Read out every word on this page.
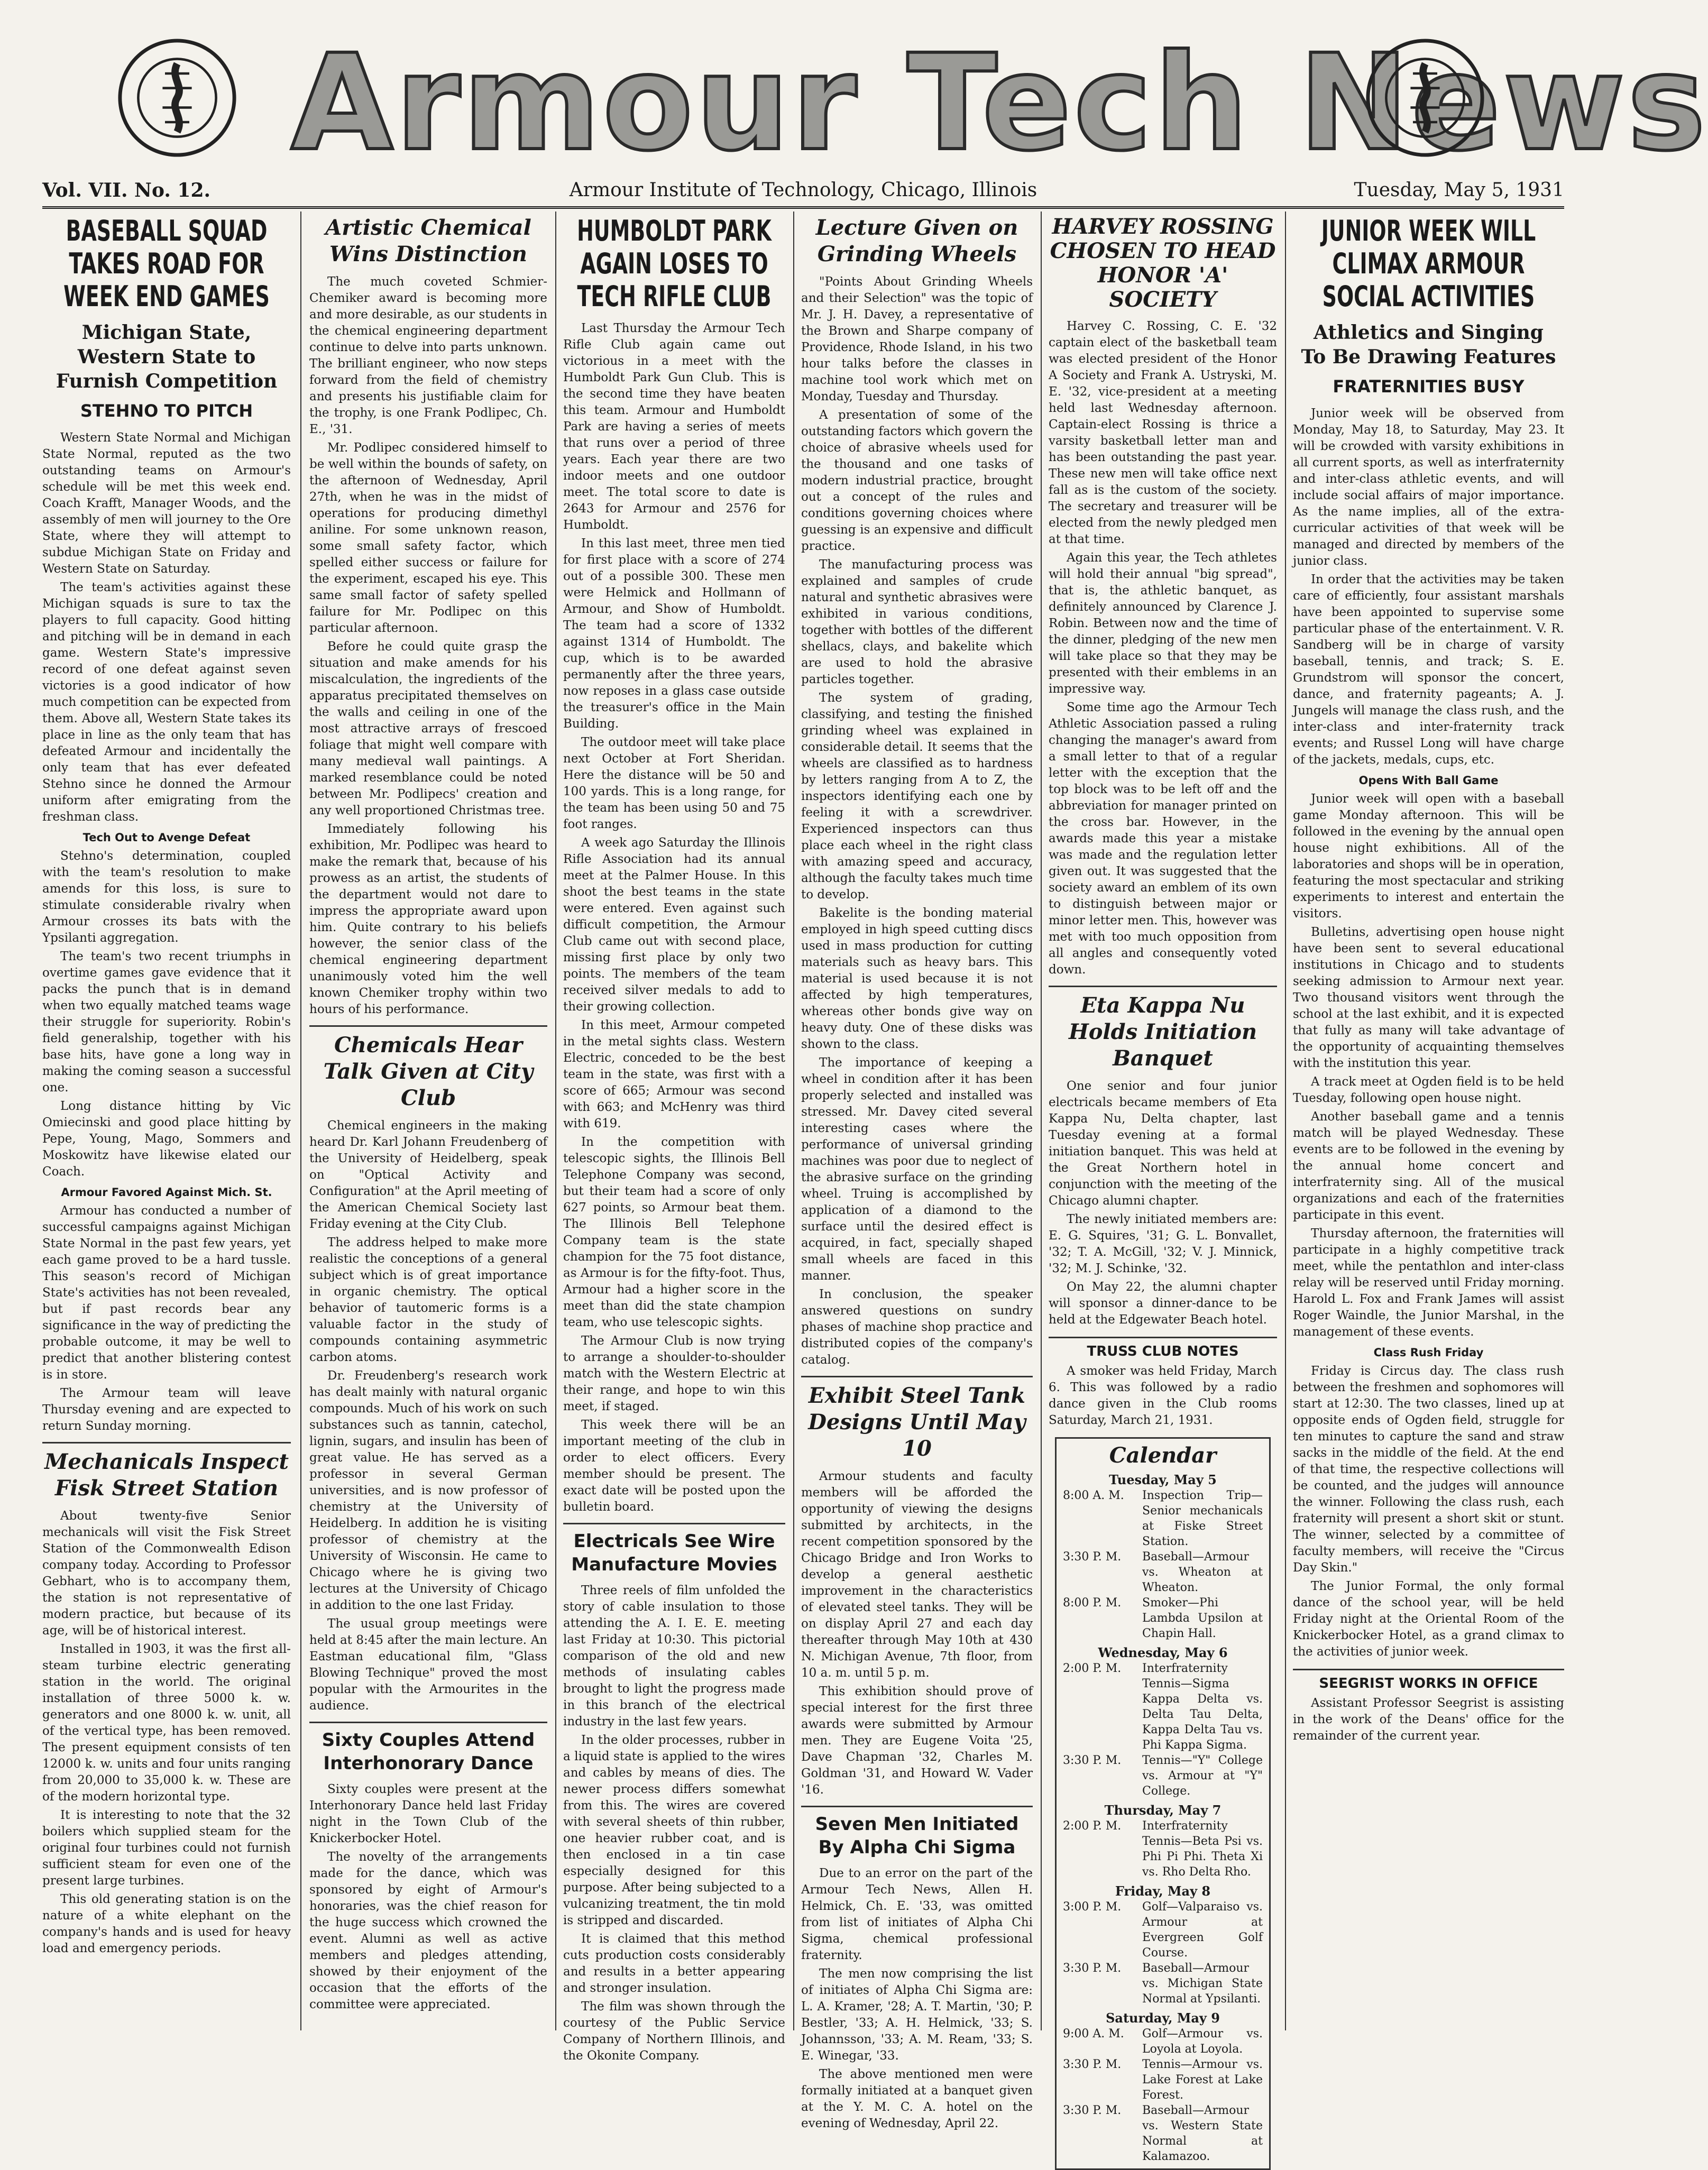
Armour Tech News
Armour Institute of Technology, Chicago, Illinois
Vol. VII. No. 12.	Tuesday, May 5, 1931
BASEBALL SQUAD TAKES ROAD FOR WEEK END GAMES
Michigan State, Western State to Furnish Competition
STEHNO TO PITCH

Western State Normal and Michigan State Normal, reputed as the two outstanding teams on Armour's schedule will be met this week end. Coach Krafft, Manager Woods, and the assembly of men will journey to the Ore State, where they will attempt to subdue Michigan State on Friday and Western State on Saturday.

The team's activities against these Michigan squads is sure to tax the players to full capacity. Good hitting and pitching will be in demand in each game. Western State's impressive record of one defeat against seven victories is a good indicator of how much competition can be expected from them. Above all, Western State takes its place in line as the only team that has defeated Armour and incidentally the only team that has ever defeated Stehno since he donned the Armour uniform after emigrating from the freshman class.

Tech Out to Avenge Defeat

Stehno's determination, coupled with the team's resolution to make amends for this loss, is sure to stimulate considerable rivalry when Armour crosses its bats with the Ypsilanti aggregation.

The team's two recent triumphs in overtime games gave evidence that it packs the punch that is in demand when two equally matched teams wage their struggle for superiority. Robin's field generalship, together with his base hits, have gone a long way in making the coming season a successful one.

Long distance hitting by Vic Omiecinski and good place hitting by Pepe, Young, Mago, Sommers and Moskowitz have likewise elated our Coach.

Armour Favored Against Mich. St.

Armour has conducted a number of successful campaigns against Michigan State Normal in the past few years, yet each game proved to be a hard tussle. This season's record of Michigan State's activities has not been revealed, but if past records bear any significance in the way of predicting the probable outcome, it may be well to predict that another blistering contest is in store.

The Armour team will leave Thursday evening and are expected to return Sunday morning.

Mechanicals Inspect Fisk Street Station

About twenty-five Senior mechanicals will visit the Fisk Street Station of the Commonwealth Edison company today. According to Professor Gebhart, who is to accompany them, the station is not representative of modern practice, but because of its age, will be of historical interest.

Installed in 1903, it was the first all-steam turbine electric generating station in the world. The original installation of three 5000 k. w. generators and one 8000 k. w. unit, all of the vertical type, has been removed. The present equipment consists of ten 12000 k. w. units and four units ranging from 20,000 to 35,000 k. w. These are of the modern horizontal type.

It is interesting to note that the 32 boilers which supplied steam for the original four turbines could not furnish sufficient steam for even one of the present large turbines.

This old generating station is on the nature of a white elephant on the company's hands and is used for heavy load and emergency periods.

Artistic Chemical Wins Distinction

The much coveted Schmier-Chemiker award is becoming more and more desirable, as our students in the chemical engineering department continue to delve into parts unknown. The brilliant engineer, who now steps forward from the field of chemistry and presents his justifiable claim for the trophy, is one Frank Podlipec, Ch. E., '31.

Mr. Podlipec considered himself to be well within the bounds of safety, on the afternoon of Wednesday, April 27th, when he was in the midst of operations for producing dimethyl aniline. For some unknown reason, some small safety factor, which spelled either success or failure for the experiment, escaped his eye. This same small factor of safety spelled failure for Mr. Podlipec on this particular afternoon.

Before he could quite grasp the situation and make amends for his miscalculation, the ingredients of the apparatus precipitated themselves on the walls and ceiling in one of the most attractive arrays of frescoed foliage that might well compare with many medieval wall paintings. A marked resemblance could be noted between Mr. Podlipecs' creation and any well proportioned Christmas tree.

Immediately following his exhibition, Mr. Podlipec was heard to make the remark that, because of his prowess as an artist, the students of the department would not dare to impress the appropriate award upon him. Quite contrary to his beliefs however, the senior class of the chemical engineering department unanimously voted him the well known Chemiker trophy within two hours of his performance.

Chemicals Hear Talk Given at City Club

Chemical engineers in the making heard Dr. Karl Johann Freudenberg of the University of Heidelberg, speak on "Optical Activity and Configuration" at the April meeting of the American Chemical Society last Friday evening at the City Club.

The address helped to make more realistic the conceptions of a general subject which is of great importance in organic chemistry. The optical behavior of tautomeric forms is a valuable factor in the study of compounds containing asymmetric carbon atoms.

Dr. Freudenberg's research work has dealt mainly with natural organic compounds. Much of his work on such substances such as tannin, catechol, lignin, sugars, and insulin has been of great value. He has served as a professor in several German universities, and is now professor of chemistry at the University of Heidelberg. In addition he is visiting professor of chemistry at the University of Wisconsin. He came to Chicago where he is giving two lectures at the University of Chicago in addition to the one last Friday.

The usual group meetings were held at 8:45 after the main lecture. An Eastman educational film, "Glass Blowing Technique" proved the most popular with the Armourites in the audience.

Sixty Couples Attend Interhonorary Dance

Sixty couples were present at the Interhonorary Dance held last Friday night in the Town Club of the Knickerbocker Hotel.

The novelty of the arrangements made for the dance, which was sponsored by eight of Armour's honoraries, was the chief reason for the huge success which crowned the event. Alumni as well as active members and pledges attending, showed by their enjoyment of the occasion that the efforts of the committee were appreciated.

HUMBOLDT PARK AGAIN LOSES TO TECH RIFLE CLUB

Last Thursday the Armour Tech Rifle Club again came out victorious in a meet with the Humboldt Park Gun Club. This is the second time they have beaten this team. Armour and Humboldt Park are having a series of meets that runs over a period of three years. Each year there are two indoor meets and one outdoor meet. The total score to date is 2643 for Armour and 2576 for Humboldt.

In this last meet, three men tied for first place with a score of 274 out of a possible 300. These men were Helmick and Hollmann of Armour, and Show of Humboldt. The team had a score of 1332 against 1314 of Humboldt. The cup, which is to be awarded permanently after the three years, now reposes in a glass case outside the treasurer's office in the Main Building.

The outdoor meet will take place next October at Fort Sheridan. Here the distance will be 50 and 100 yards. This is a long range, for the team has been using 50 and 75 foot ranges.

A week ago Saturday the Illinois Rifle Association had its annual meet at the Palmer House. In this shoot the best teams in the state were entered. Even against such difficult competition, the Armour Club came out with second place, missing first place by only two points. The members of the team received silver medals to add to their growing collection.

In this meet, Armour competed in the metal sights class. Western Electric, conceded to be the best team in the state, was first with a score of 665; Armour was second with 663; and McHenry was third with 619.

In the competition with telescopic sights, the Illinois Bell Telephone Company was second, but their team had a score of only 627 points, so Armour beat them. The Illinois Bell Telephone Company team is the state champion for the 75 foot distance, as Armour is for the fifty-foot. Thus, Armour had a higher score in the meet than did the state champion team, who use telescopic sights.

The Armour Club is now trying to arrange a shoulder-to-shoulder match with the Western Electric at their range, and hope to win this meet, if staged.

This week there will be an important meeting of the club in order to elect officers. Every member should be present. The exact date will be posted upon the bulletin board.

Electricals See Wire Manufacture Movies

Three reels of film unfolded the story of cable insulation to those attending the A. I. E. E. meeting last Friday at 10:30. This pictorial comparison of the old and new methods of insulating cables brought to light the progress made in this branch of the electrical industry in the last few years.

In the older processes, rubber in a liquid state is applied to the wires and cables by means of dies. The newer process differs somewhat from this. The wires are covered with several sheets of thin rubber, one heavier rubber coat, and is then enclosed in a tin case especially designed for this purpose. After being subjected to a vulcanizing treatment, the tin mold is stripped and discarded.

It is claimed that this method cuts production costs considerably and results in a better appearing and stronger insulation.

The film was shown through the courtesy of the Public Service Company of Northern Illinois, and the Okonite Company.

Lecture Given on Grinding Wheels

"Points About Grinding Wheels and their Selection" was the topic of Mr. J. H. Davey, a representative of the Brown and Sharpe company of Providence, Rhode Island, in his two hour talks before the classes in machine tool work which met on Monday, Tuesday and Thursday.

A presentation of some of the outstanding factors which govern the choice of abrasive wheels used for the thousand and one tasks of modern industrial practice, brought out a concept of the rules and conditions governing choices where guessing is an expensive and difficult practice.

The manufacturing process was explained and samples of crude natural and synthetic abrasives were exhibited in various conditions, together with bottles of the different shellacs, clays, and bakelite which are used to hold the abrasive particles together.

The system of grading, classifying, and testing the finished grinding wheel was explained in considerable detail. It seems that the wheels are classified as to hardness by letters ranging from A to Z, the inspectors identifying each one by feeling it with a screwdriver. Experienced inspectors can thus place each wheel in the right class with amazing speed and accuracy, although the faculty takes much time to develop.

Bakelite is the bonding material employed in high speed cutting discs used in mass production for cutting materials such as heavy bars. This material is used because it is not affected by high temperatures, whereas other bonds give way on heavy duty. One of these disks was shown to the class.

The importance of keeping a wheel in condition after it has been properly selected and installed was stressed. Mr. Davey cited several interesting cases where the performance of universal grinding machines was poor due to neglect of the abrasive surface on the grinding wheel. Truing is accomplished by application of a diamond to the surface until the desired effect is acquired, in fact, specially shaped small wheels are faced in this manner.

In conclusion, the speaker answered questions on sundry phases of machine shop practice and distributed copies of the company's catalog.

Exhibit Steel Tank Designs Until May 10

Armour students and faculty members will be afforded the opportunity of viewing the designs submitted by architects, in the recent competition sponsored by the Chicago Bridge and Iron Works to develop a general aesthetic improvement in the characteristics of elevated steel tanks. They will be on display April 27 and each day thereafter through May 10th at 430 N. Michigan Avenue, 7th floor, from 10 a. m. until 5 p. m.

This exhibition should prove of special interest for the first three awards were submitted by Armour men. They are Eugene Voita '25, Dave Chapman '32, Charles M. Goldman '31, and Howard W. Vader '16.

Seven Men Initiated By Alpha Chi Sigma

Due to an error on the part of the Armour Tech News, Allen H. Helmick, Ch. E. '33, was omitted from list of initiates of Alpha Chi Sigma, chemical professional fraternity.

The men now comprising the list of initiates of Alpha Chi Sigma are: L. A. Kramer, '28; A. T. Martin, '30; P. Bestler, '33; A. H. Helmick, '33; S. Johannsson, '33; A. M. Ream, '33; S. E. Winegar, '33.

The above mentioned men were formally initiated at a banquet given at the Y. M. C. A. hotel on the evening of Wednesday, April 22.

HARVEY ROSSING CHOSEN TO HEAD HONOR 'A' SOCIETY

Harvey C. Rossing, C. E. '32 captain elect of the basketball team was elected president of the Honor A Society and Frank A. Ustryski, M. E. '32, vice-president at a meeting held last Wednesday afternoon. Captain-elect Rossing is thrice a varsity basketball letter man and has been outstanding the past year. These new men will take office next fall as is the custom of the society. The secretary and treasurer will be elected from the newly pledged men at that time.

Again this year, the Tech athletes will hold their annual "big spread", that is, the athletic banquet, as definitely announced by Clarence J. Robin. Between now and the time of the dinner, pledging of the new men will take place so that they may be presented with their emblems in an impressive way.

Some time ago the Armour Tech Athletic Association passed a ruling changing the manager's award from a small letter to that of a regular letter with the exception that the top block was to be left off and the abbreviation for manager printed on the cross bar. However, in the awards made this year a mistake was made and the regulation letter given out. It was suggested that the society award an emblem of its own to distinguish between major or minor letter men. This, however was met with too much opposition from all angles and consequently voted down.

Eta Kappa Nu Holds Initiation Banquet

One senior and four junior electricals became members of Eta Kappa Nu, Delta chapter, last Tuesday evening at a formal initiation banquet. This was held at the Great Northern hotel in conjunction with the meeting of the Chicago alumni chapter.

The newly initiated members are: E. G. Squires, '31; G. L. Bonvallet, '32; T. A. McGill, '32; V. J. Minnick, '32; M. J. Schinke, '32.

On May 22, the alumni chapter will sponsor a dinner-dance to be held at the Edgewater Beach hotel.

TRUSS CLUB NOTES

A smoker was held Friday, March 6. This was followed by a radio dance given in the Club rooms Saturday, March 21, 1931.

Calendar
Tuesday, May 5
8:00 A. M.	Inspection Trip—Senior mechanicals at Fiske Street Station.
3:30 P. M.	Baseball—Armour vs. Wheaton at Wheaton.
8:00 P. M.	Smoker—Phi Lambda Upsilon at Chapin Hall.
Wednesday, May 6
2:00 P. M.	Interfraternity Tennis—Sigma Kappa Delta vs. Delta Tau Delta, Kappa Delta Tau vs. Phi Kappa Sigma.
3:30 P. M.	Tennis—"Y" College vs. Armour at "Y" College.
Thursday, May 7
2:00 P. M.	Interfraternity Tennis—Beta Psi vs. Phi Pi Phi. Theta Xi vs. Rho Delta Rho.
Friday, May 8
3:00 P. M.	Golf—Valparaiso vs. Armour at Evergreen Golf Course.
3:30 P. M.	Baseball—Armour vs. Michigan State Normal at Ypsilanti.
Saturday, May 9
9:00 A. M.	Golf—Armour vs. Loyola at Loyola.
3:30 P. M.	Tennis—Armour vs. Lake Forest at Lake Forest.
3:30 P. M.	Baseball—Armour vs. Western State Normal at Kalamazoo.
JUNIOR WEEK WILL CLIMAX ARMOUR SOCIAL ACTIVITIES
Athletics and Singing To Be Drawing Features
FRATERNITIES BUSY

Junior week will be observed from Monday, May 18, to Saturday, May 23. It will be crowded with varsity exhibitions in all current sports, as well as interfraternity and inter-class athletic events, and will include social affairs of major importance. As the name implies, all of the extra-curricular activities of that week will be managed and directed by members of the junior class.

In order that the activities may be taken care of efficiently, four assistant marshals have been appointed to supervise some particular phase of the entertainment. V. R. Sandberg will be in charge of varsity baseball, tennis, and track; S. E. Grundstrom will sponsor the concert, dance, and fraternity pageants; A. J. Jungels will manage the class rush, and the inter-class and inter-fraternity track events; and Russel Long will have charge of the jackets, medals, cups, etc.

Opens With Ball Game

Junior week will open with a baseball game Monday afternoon. This will be followed in the evening by the annual open house night exhibitions. All of the laboratories and shops will be in operation, featuring the most spectacular and striking experiments to interest and entertain the visitors.

Bulletins, advertising open house night have been sent to several educational institutions in Chicago and to students seeking admission to Armour next year. Two thousand visitors went through the school at the last exhibit, and it is expected that fully as many will take advantage of the opportunity of acquainting themselves with the institution this year.

A track meet at Ogden field is to be held Tuesday, following open house night.

Another baseball game and a tennis match will be played Wednesday. These events are to be followed in the evening by the annual home concert and interfraternity sing. All of the musical organizations and each of the fraternities participate in this event.

Thursday afternoon, the fraternities will participate in a highly competitive track meet, while the pentathlon and inter-class relay will be reserved until Friday morning. Harold L. Fox and Frank James will assist Roger Waindle, the Junior Marshal, in the management of these events.

Class Rush Friday

Friday is Circus day. The class rush between the freshmen and sophomores will start at 12:30. The two classes, lined up at opposite ends of Ogden field, struggle for ten minutes to capture the sand and straw sacks in the middle of the field. At the end of that time, the respective collections will be counted, and the judges will announce the winner. Following the class rush, each fraternity will present a short skit or stunt. The winner, selected by a committee of faculty members, will receive the "Circus Day Skin."

The Junior Formal, the only formal dance of the school year, will be held Friday night at the Oriental Room of the Knickerbocker Hotel, as a grand climax to the activities of junior week.

SEEGRIST WORKS IN OFFICE

Assistant Professor Seegrist is assisting in the work of the Deans' office for the remainder of the current year.
